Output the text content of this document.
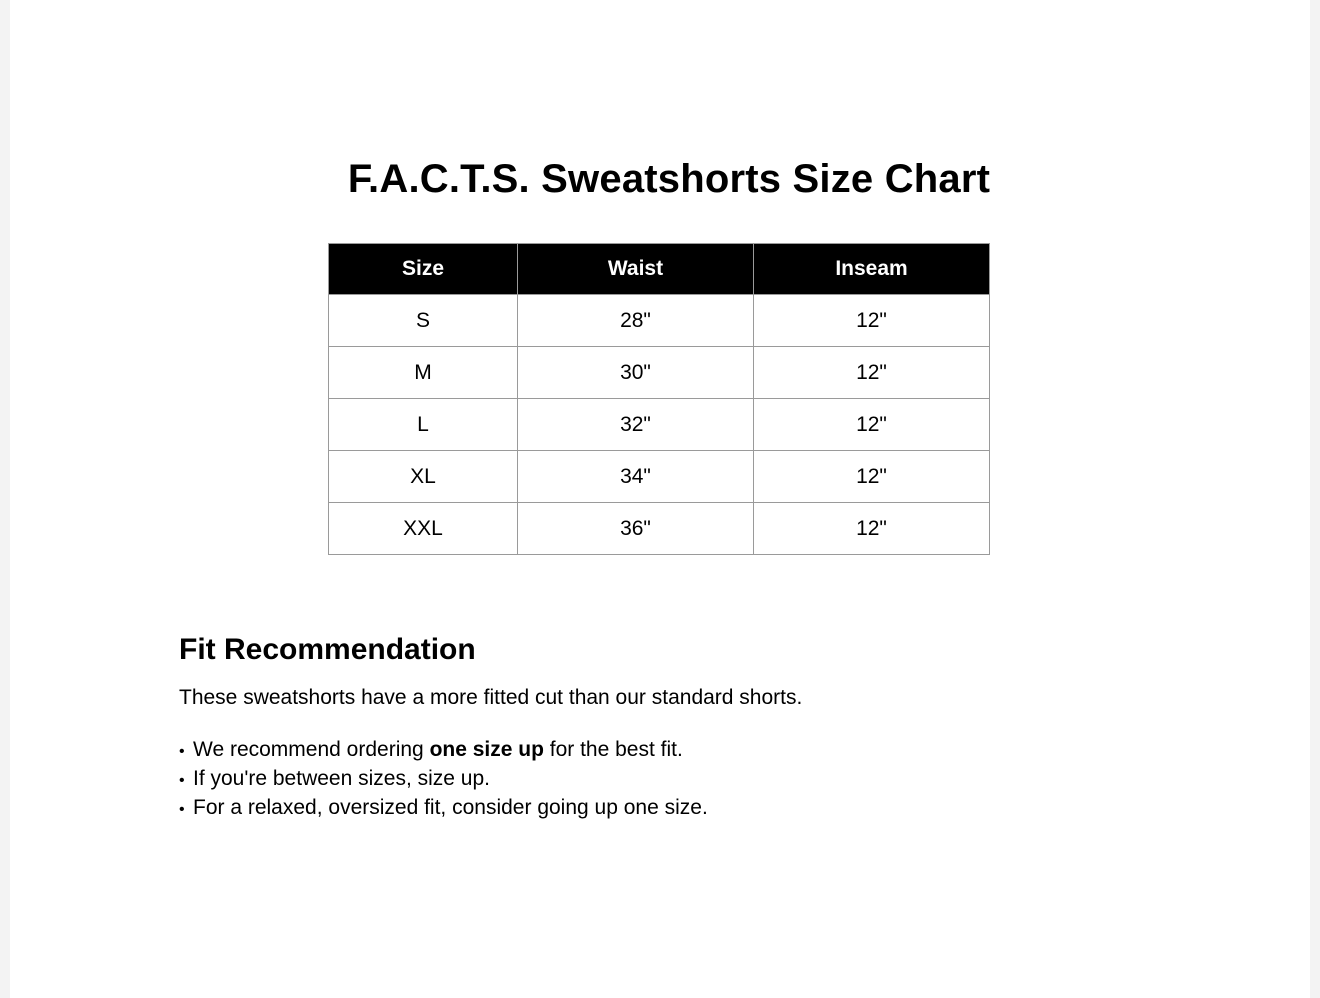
F.A.C.T.S. Sweatshorts Size Chart
Size	Waist	Inseam
S	28"	12"
M	30"	12"
L	32"	12"
XL	34"	12"
XXL	36"	12"
Fit Recommendation

These sweatshorts have a more fitted cut than our standard shorts.

• We recommend ordering one size up for the best fit.
• If you're between sizes, size up.
• For a relaxed, oversized fit, consider going up one size.
